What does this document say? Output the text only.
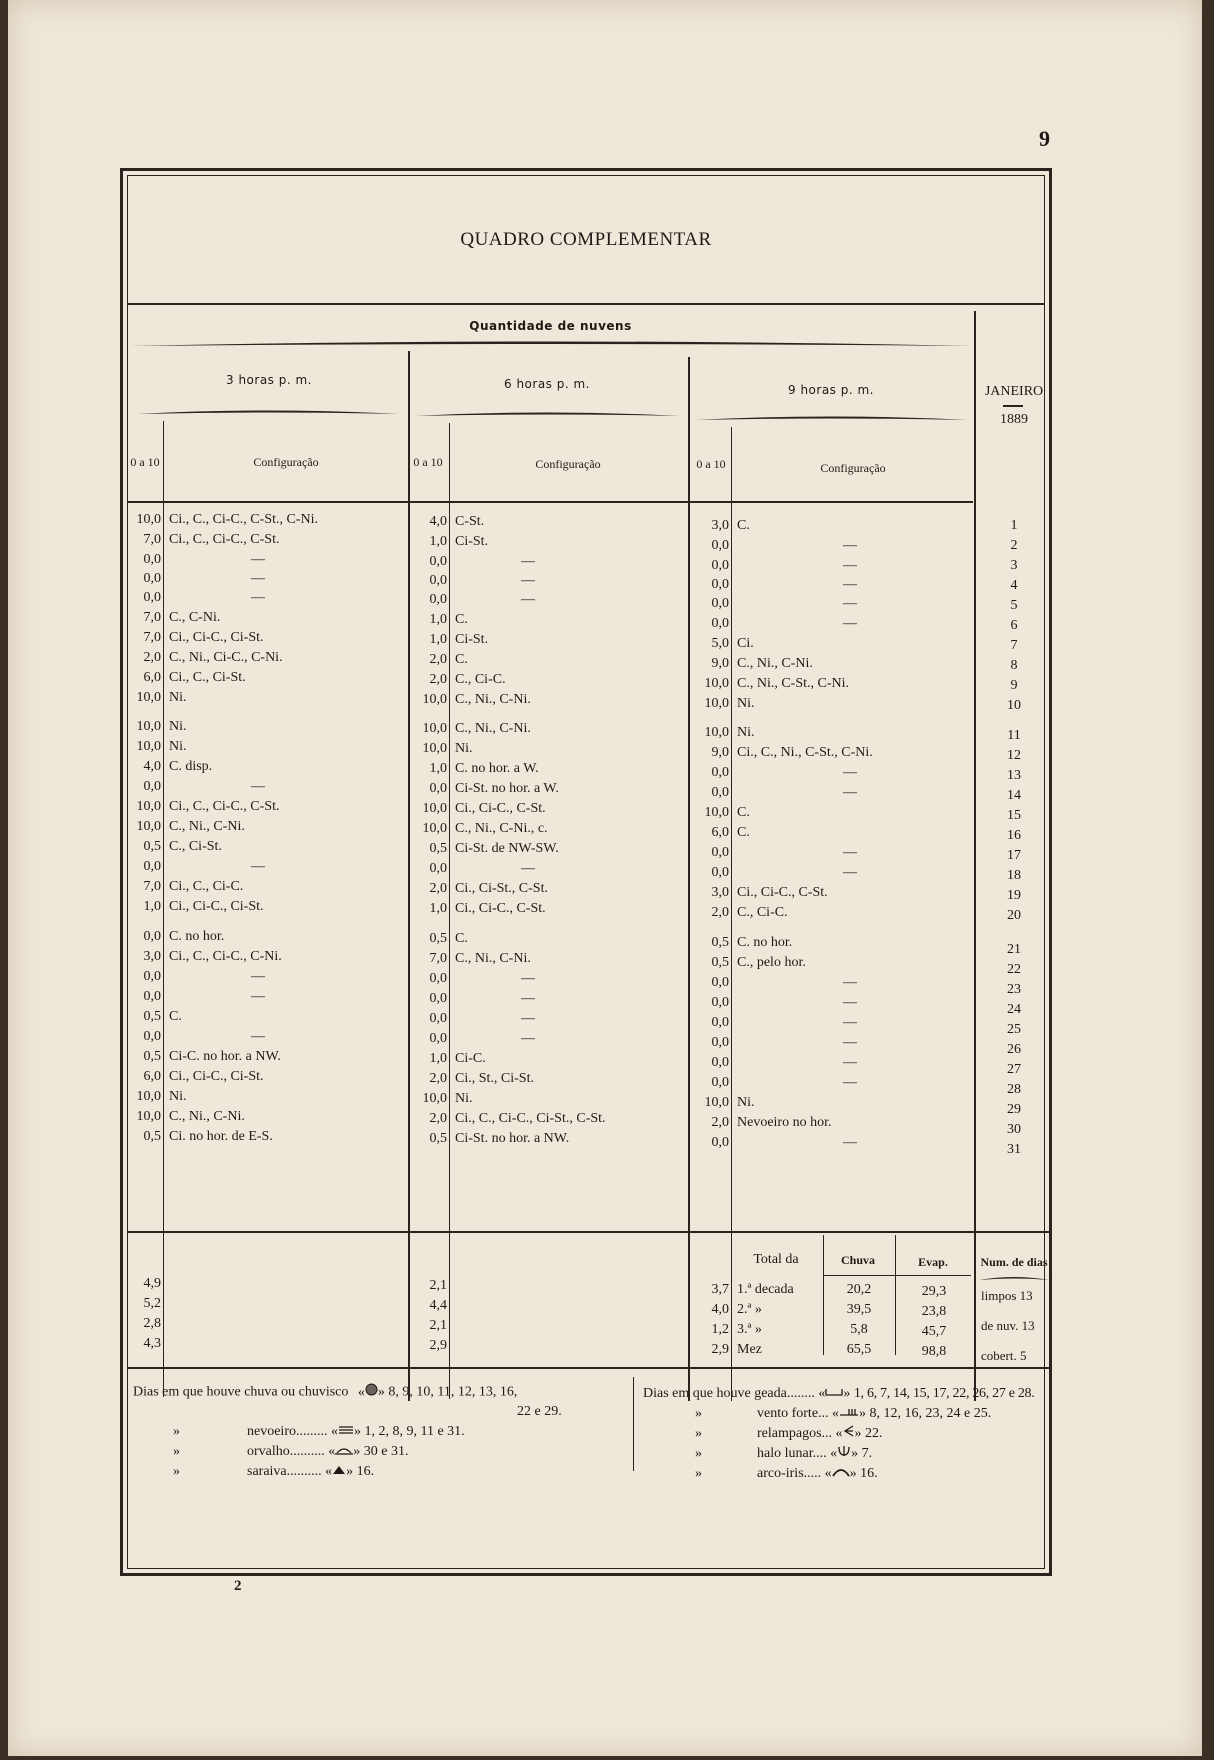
9
QUADRO COMPLEMENTAR
Quantidade de nuvens
3 horas p. m.	6 horas p. m.	9 horas p. m.	JANEIRO
1889
0 a 10	Configuração	0 a 10	Configuração	0 a 10	Configuração
10,0 Ci., C., Ci-C., C-St., C-Ni.	4,0 C-St.	3,0 C.	1
7,0 Ci., C., Ci-C., C-St.	1,0 Ci-St.	0,0	—	2
0,0	—	0,0	—	0,0	—	3
0,0	—	0,0	—	0,0	—	4
0,0	—	0,0	—	0,0	—	5
7,0 C., C-Ni.	1,0 C.	0,0	—	6
7,0 Ci., Ci-C., Ci-St.	1,0 Ci-St.	5,0 Ci.	7
2,0 C., Ni., Ci-C., C-Ni.	2,0 C.	9,0 C., Ni., C-Ni.	8
6,0 Ci., C., Ci-St.	2,0 C., Ci-C.	10,0 C., Ni., C-St., C-Ni.	9
10,0 Ni.	10,0 C., Ni., C-Ni.	10,0 Ni.	10
10,0 Ni.	10,0 C., Ni., C-Ni.	10,0 Ni.	11
10,0 Ni.	10,0 Ni.	9,0 Ci., C., Ni., C-St., C-Ni.	12
4,0 C. disp.	1,0 C. no hor. a W.	0,0	—	13
0,0	—	0,0 Ci-St. no hor. a W.	0,0	—	14
10,0 Ci., C., Ci-C., C-St.	10,0 Ci., Ci-C., C-St.	10,0 C.	15
10,0 C., Ni., C-Ni.	10,0 C., Ni., C-Ni., c.	6,0 C.	16
0,5 C., Ci-St.	0,5 Ci-St. de NW-SW.	0,0	—	17
0,0	—	0,0	—	0,0	—	18
7,0 Ci., C., Ci-C.	2,0 Ci., Ci-St., C-St.	3,0 Ci., Ci-C., C-St.	19
1,0 Ci., Ci-C., Ci-St.	1,0 Ci., Ci-C., C-St.	2,0 C., Ci-C.	20
0,0 C. no hor.	0,5 C.	0,5 C. no hor.	21
3,0 Ci., C., Ci-C., C-Ni.	7,0 C., Ni., C-Ni.	0,5 C., pelo hor.	22
0,0	—	0,0	—	0,0	—	23
0,0	—	0,0	—	0,0	—	24
0,5 C.	0,0	—	0,0	—	25
0,0	—	0,0	—	0,0	—	26
0,5 Ci-C. no hor. a NW.	1,0 Ci-C.	0,0	—	27
6,0 Ci., Ci-C., Ci-St.	2,0 Ci., St., Ci-St.	0,0	—	28
10,0 Ni.	10,0 Ni.	10,0 Ni.	29
10,0 C., Ni., C-Ni.	2,0 Ci., C., Ci-C., Ci-St., C-St.	2,0 Nevoeiro no hor.	30
0,5 Ci. no hor. de E-S.	0,5 Ci-St. no hor. a NW.	0,0	—	31
Total da	Chuva	Evap.	Num. de dias
4,9	2,1	3,7 1.ª decada	20,2	29,3
5,2	4,4	4,0 2.ª »	39,5	23,8
2,8	2,1	1,2 3.ª »	5,8	45,7
4,3	2,9	2,9 Mez	65,5	98,8
limpos 13
de nuv. 13
cobert. 5
Dias em que houve chuva ou chuvisco « » 8, 9, 10, 11, 12, 13, 16,
22 e 29.
»	nevoeiro......... « » 1, 2, 8, 9, 11 e 31.
»	orvalho.......... « » 30 e 31.
»	saraiva.......... « » 16.
Dias em que houve geada........ « » 1, 6, 7, 14, 15, 17, 22, 26, 27 e 28.
»	vento forte... « » 8, 12, 16, 23, 24 e 25.
»	relampagos... « » 22.
»	halo lunar.... « » 7.
»	arco-iris..... « » 16.
2
